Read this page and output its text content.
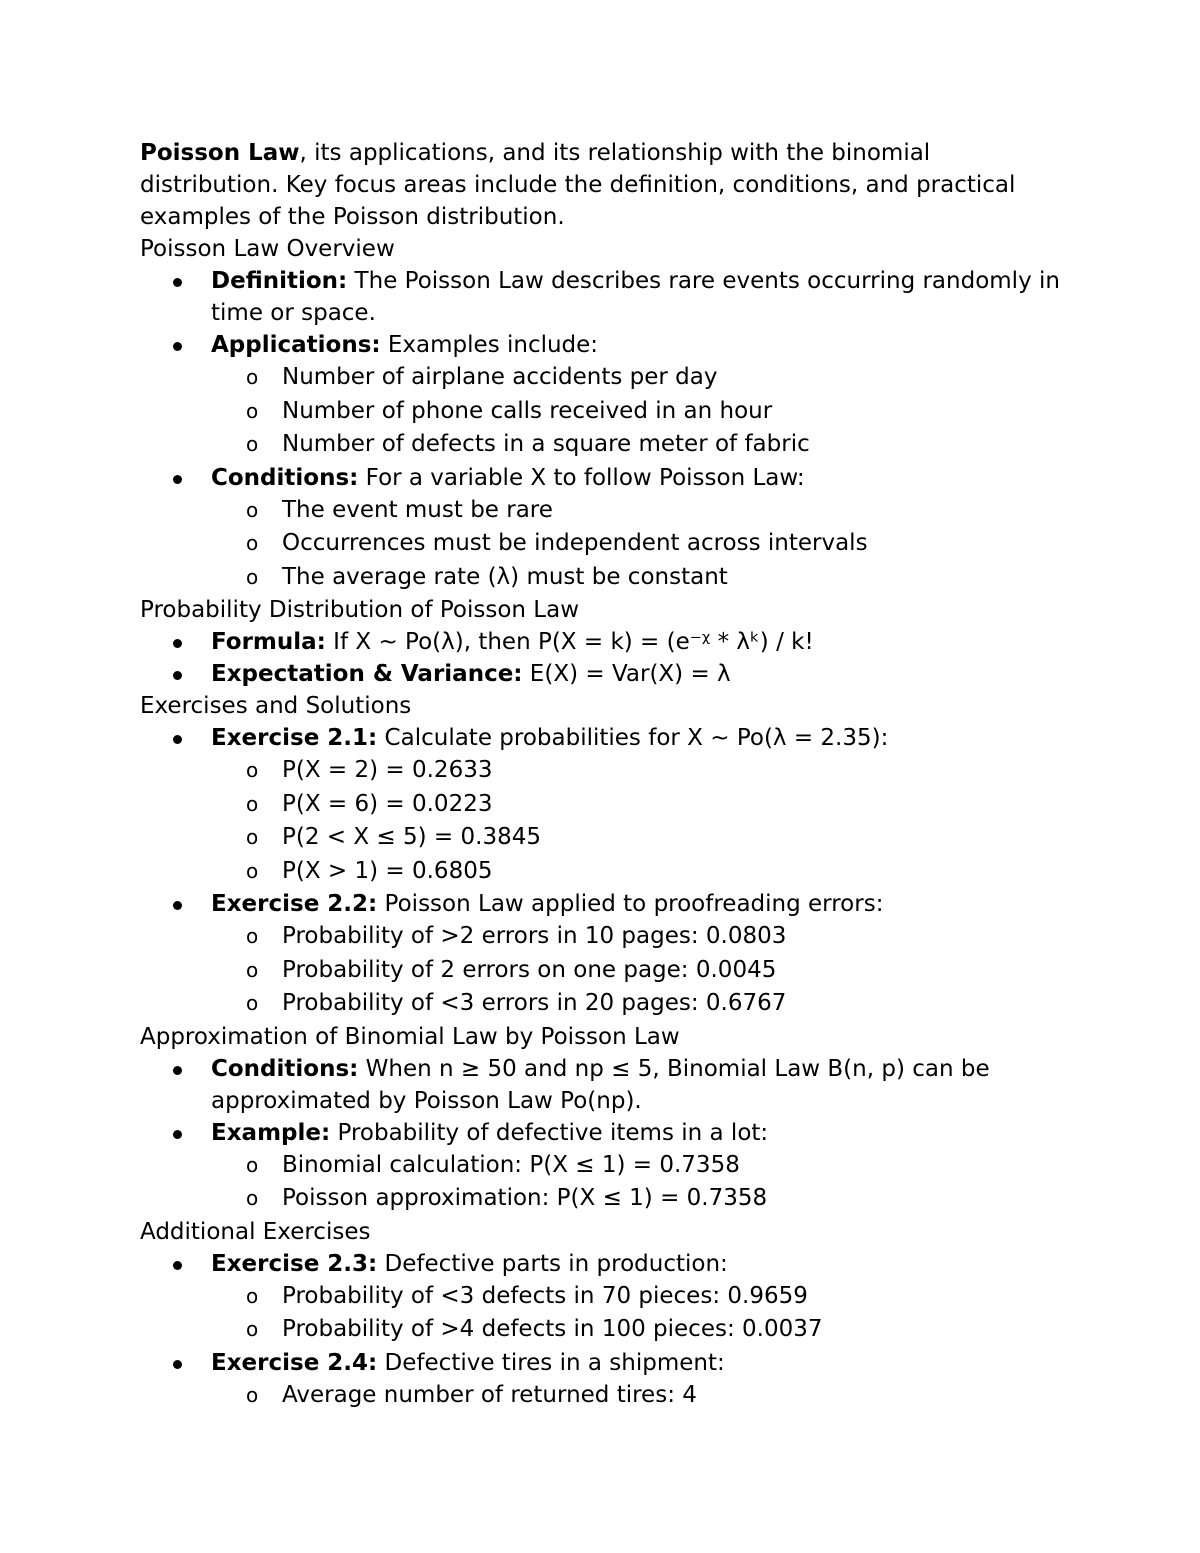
Poisson Law, its applications, and its relationship with the binomial distribution. Key focus areas include the definition, conditions, and practical examples of the Poisson distribution.

Poisson Law Overview

Definition: The Poisson Law describes rare events occurring randomly in time or space.
Applications: Examples include:
o Number of airplane accidents per day
o Number of phone calls received in an hour
o Number of defects in a square meter of fabric
Conditions: For a variable X to follow Poisson Law:
o The event must be rare
o Occurrences must be independent across intervals
o The average rate (λ) must be constant

Probability Distribution of Poisson Law

Formula: If X ~ Po(λ), then P(X = k) = (e⁻ᵡ * λᵏ) / k!
Expectation & Variance: E(X) = Var(X) = λ

Exercises and Solutions

Exercise 2.1: Calculate probabilities for X ~ Po(λ = 2.35):
o P(X = 2) = 0.2633
o P(X = 6) = 0.0223
o P(2 < X ≤ 5) = 0.3845
o P(X > 1) = 0.6805
Exercise 2.2: Poisson Law applied to proofreading errors:
o Probability of >2 errors in 10 pages: 0.0803
o Probability of 2 errors on one page: 0.0045
o Probability of <3 errors in 20 pages: 0.6767

Approximation of Binomial Law by Poisson Law

Conditions: When n ≥ 50 and np ≤ 5, Binomial Law B(n, p) can be approximated by Poisson Law Po(np).
Example: Probability of defective items in a lot:
o Binomial calculation: P(X ≤ 1) = 0.7358
o Poisson approximation: P(X ≤ 1) = 0.7358

Additional Exercises

Exercise 2.3: Defective parts in production:
o Probability of <3 defects in 70 pieces: 0.9659
o Probability of >4 defects in 100 pieces: 0.0037
Exercise 2.4: Defective tires in a shipment:
o Average number of returned tires: 4
